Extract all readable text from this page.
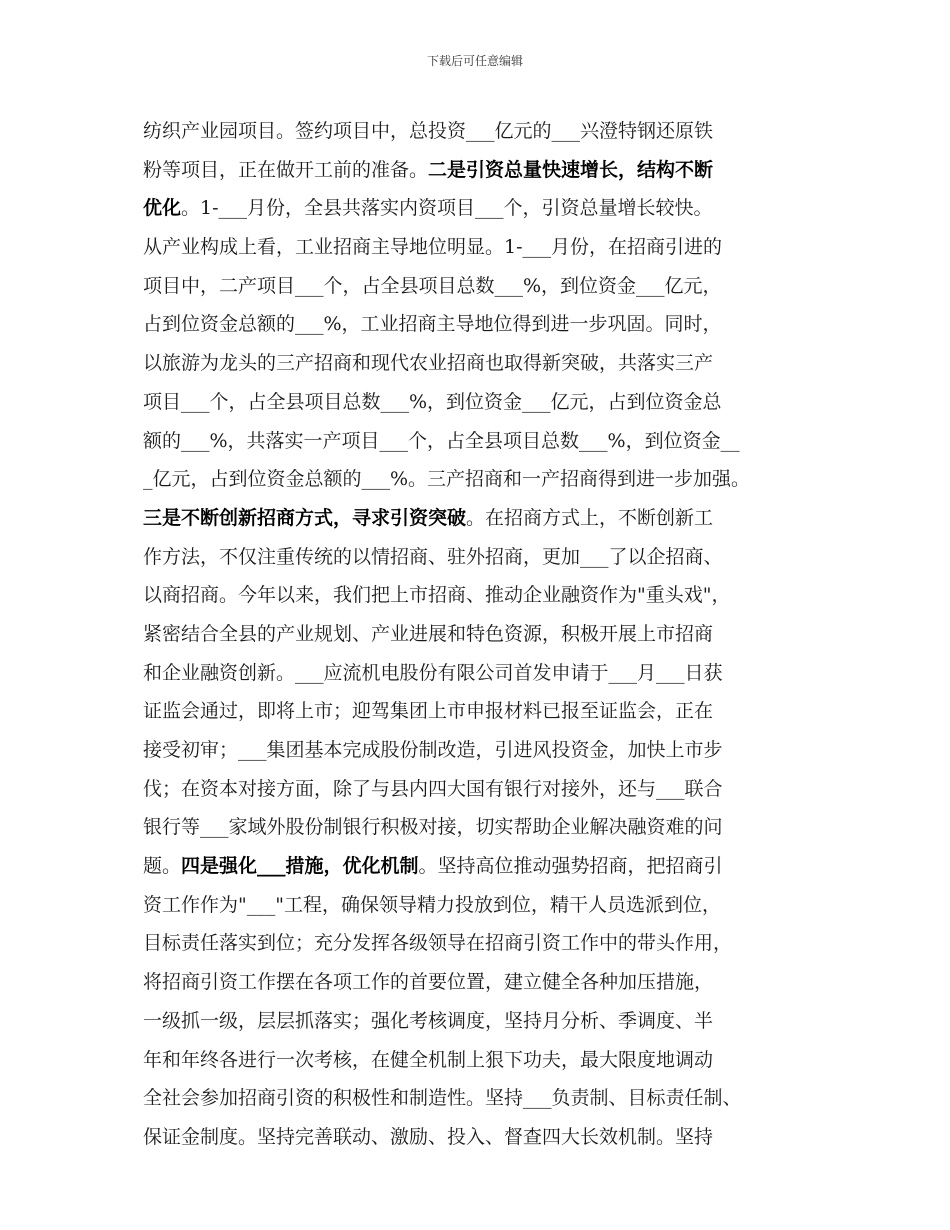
下载后可任意编辑
纺织产业园项目。签约项目中，总投资___亿元的___兴澄特钢还原铁
粉等项目，正在做开工前的准备。二是引资总量快速增长，结构不断
优化。1-___月份，全县共落实内资项目___个，引资总量增长较快。
从产业构成上看，工业招商主导地位明显。1-___月份，在招商引进的
项目中，二产项目___个，占全县项目总数___%，到位资金___亿元，
占到位资金总额的___%，工业招商主导地位得到进一步巩固。同时，
以旅游为龙头的三产招商和现代农业招商也取得新突破，共落实三产
项目___个，占全县项目总数___%，到位资金___亿元，占到位资金总
额的___%，共落实一产项目___个，占全县项目总数___%，到位资金__
_亿元，占到位资金总额的___%。三产招商和一产招商得到进一步加强。
三是不断创新招商方式，寻求引资突破。在招商方式上，不断创新工
作方法，不仅注重传统的以情招商、驻外招商，更加___了以企招商、
以商招商。今年以来，我们把上市招商、推动企业融资作为"重头戏"，
紧密结合全县的产业规划、产业进展和特色资源，积极开展上市招商
和企业融资创新。___应流机电股份有限公司首发申请于___月___日获
证监会通过，即将上市；迎驾集团上市申报材料已报至证监会，正在
接受初审；___集团基本完成股份制改造，引进风投资金，加快上市步
伐；在资本对接方面，除了与县内四大国有银行对接外，还与___联合
银行等___家域外股份制银行积极对接，切实帮助企业解决融资难的问
题。四是强化___措施，优化机制。坚持高位推动强势招商，把招商引
资工作作为"___"工程，确保领导精力投放到位，精干人员选派到位，
目标责任落实到位；充分发挥各级领导在招商引资工作中的带头作用，
将招商引资工作摆在各项工作的首要位置，建立健全各种加压措施，
一级抓一级，层层抓落实；强化考核调度，坚持月分析、季调度、半
年和年终各进行一次考核，在健全机制上狠下功夫，最大限度地调动
全社会参加招商引资的积极性和制造性。坚持___负责制、目标责任制、
保证金制度。坚持完善联动、激励、投入、督查四大长效机制。坚持
